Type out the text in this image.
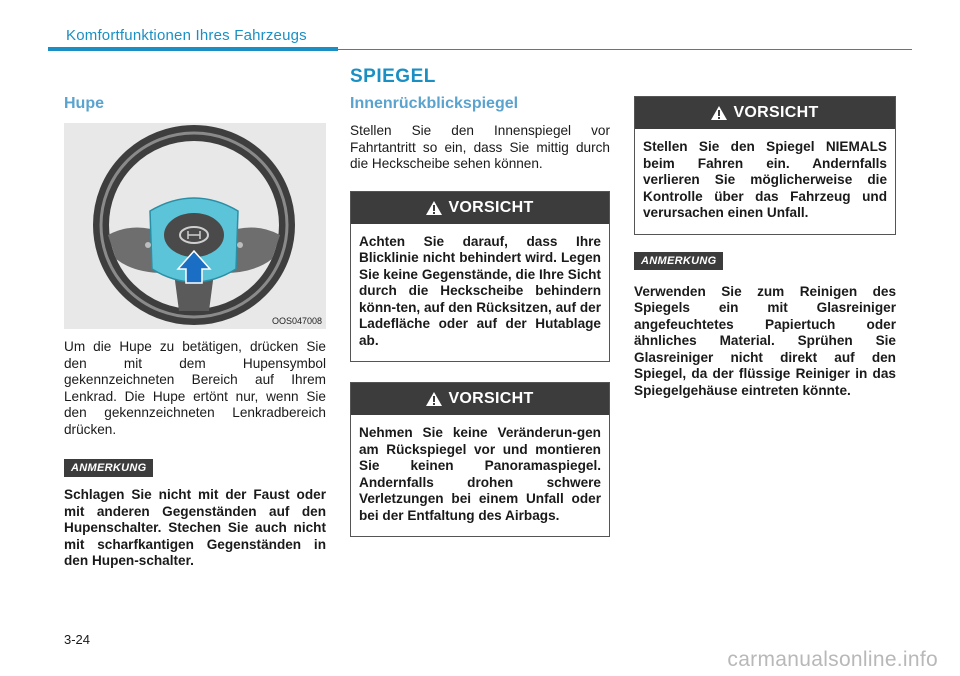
Komfortfunktionen Ihres Fahrzeugs
SPIEGEL
Hupe
OOS047008

Um die Hupe zu betätigen, drücken Sie den mit dem Hupensymbol gekennzeichneten Bereich auf Ihrem Lenkrad. Die Hupe ertönt nur, wenn Sie den gekennzeichneten Lenkradbereich drücken.

ANMERKUNG

Schlagen Sie nicht mit der Faust oder mit anderen Gegenständen auf den Hupenschalter. Stechen Sie auch nicht mit scharfkantigen Gegenständen in den Hupen-schalter.

Innenrückblickspiegel

Stellen Sie den Innenspiegel vor Fahrtantritt so ein, dass Sie mittig durch die Heckscheibe sehen können.

VORSICHT
Achten Sie darauf, dass Ihre Blicklinie nicht behindert wird. Legen Sie keine Gegenstände, die Ihre Sicht durch die Heckscheibe behindern könn-ten, auf den Rücksitzen, auf der Ladefläche oder auf der Hutablage ab.
VORSICHT
Nehmen Sie keine Veränderun-gen am Rückspiegel vor und montieren Sie keinen Panoramaspiegel. Andernfalls drohen schwere Verletzungen bei einem Unfall oder bei der Entfaltung des Airbags.
VORSICHT
Stellen Sie den Spiegel NIEMALS beim Fahren ein. Andernfalls verlieren Sie möglicherweise die Kontrolle über das Fahrzeug und verursachen einen Unfall.
ANMERKUNG

Verwenden Sie zum Reinigen des Spiegels ein mit Glasreiniger angefeuchtetes Papiertuch oder ähnliches Material. Sprühen Sie Glasreiniger nicht direkt auf den Spiegel, da der flüssige Reiniger in das Spiegelgehäuse eintreten könnte.

3-24
carmanualsonline.info
